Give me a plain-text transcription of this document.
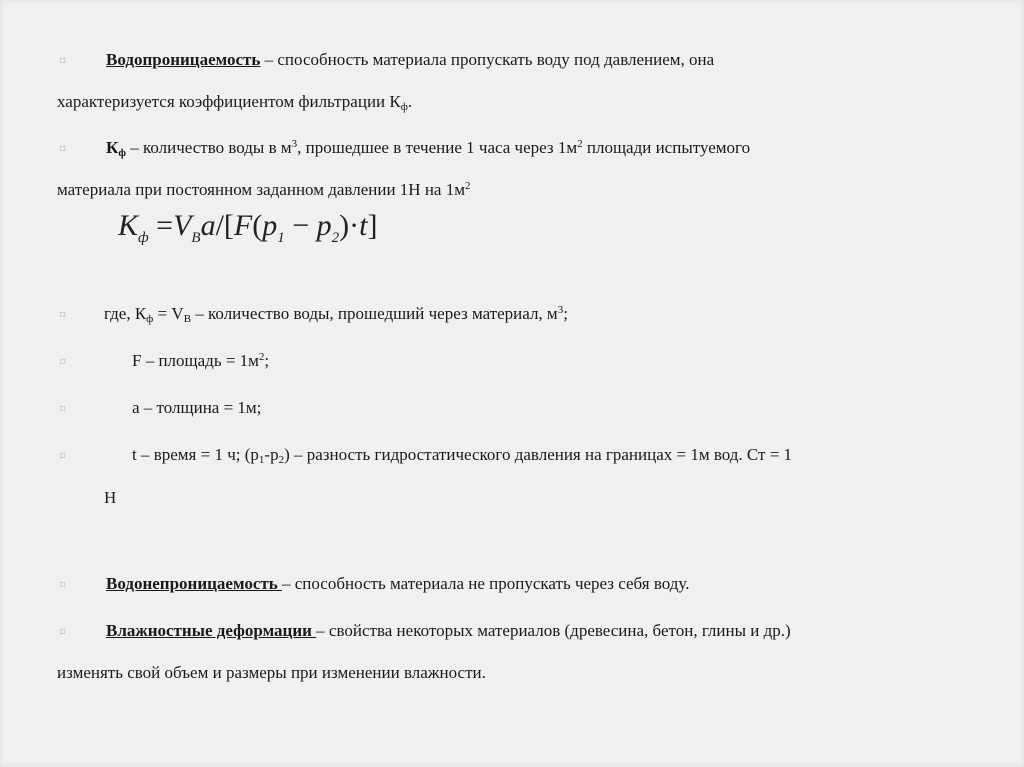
◘ Водопроницаемость – способность материала пропускать воду под давлением, она
характеризуется коэффициентом фильтрации $К_ф$.
◘ $К_ф$ – количество воды в $м^3$, прошедшее в течение 1 часа через $1м^2$ площади испытуемого
материала при постоянном заданном давлении 1Н на $1м^2$
$K_ф =V_Ba/[F(p_1 - p_2)\cdot t]$
◘ где, $К_ф = V_В$ – количество воды, прошедший через материал, $м^3$;
◘	F – площадь = $1м^2$;
◘	а – толщина = 1м;
◘	t – время = 1 ч; $(р_1-р_2)$ – разность гидростатического давления на границах = 1м вод. Ст = 1
Н
◘ Водонепроницаемость – способность материала не пропускать через себя воду.
◘ Влажностные деформации – свойства некоторых материалов (древесина, бетон, глины и др.)
изменять свой объем и размеры при изменении влажности.
